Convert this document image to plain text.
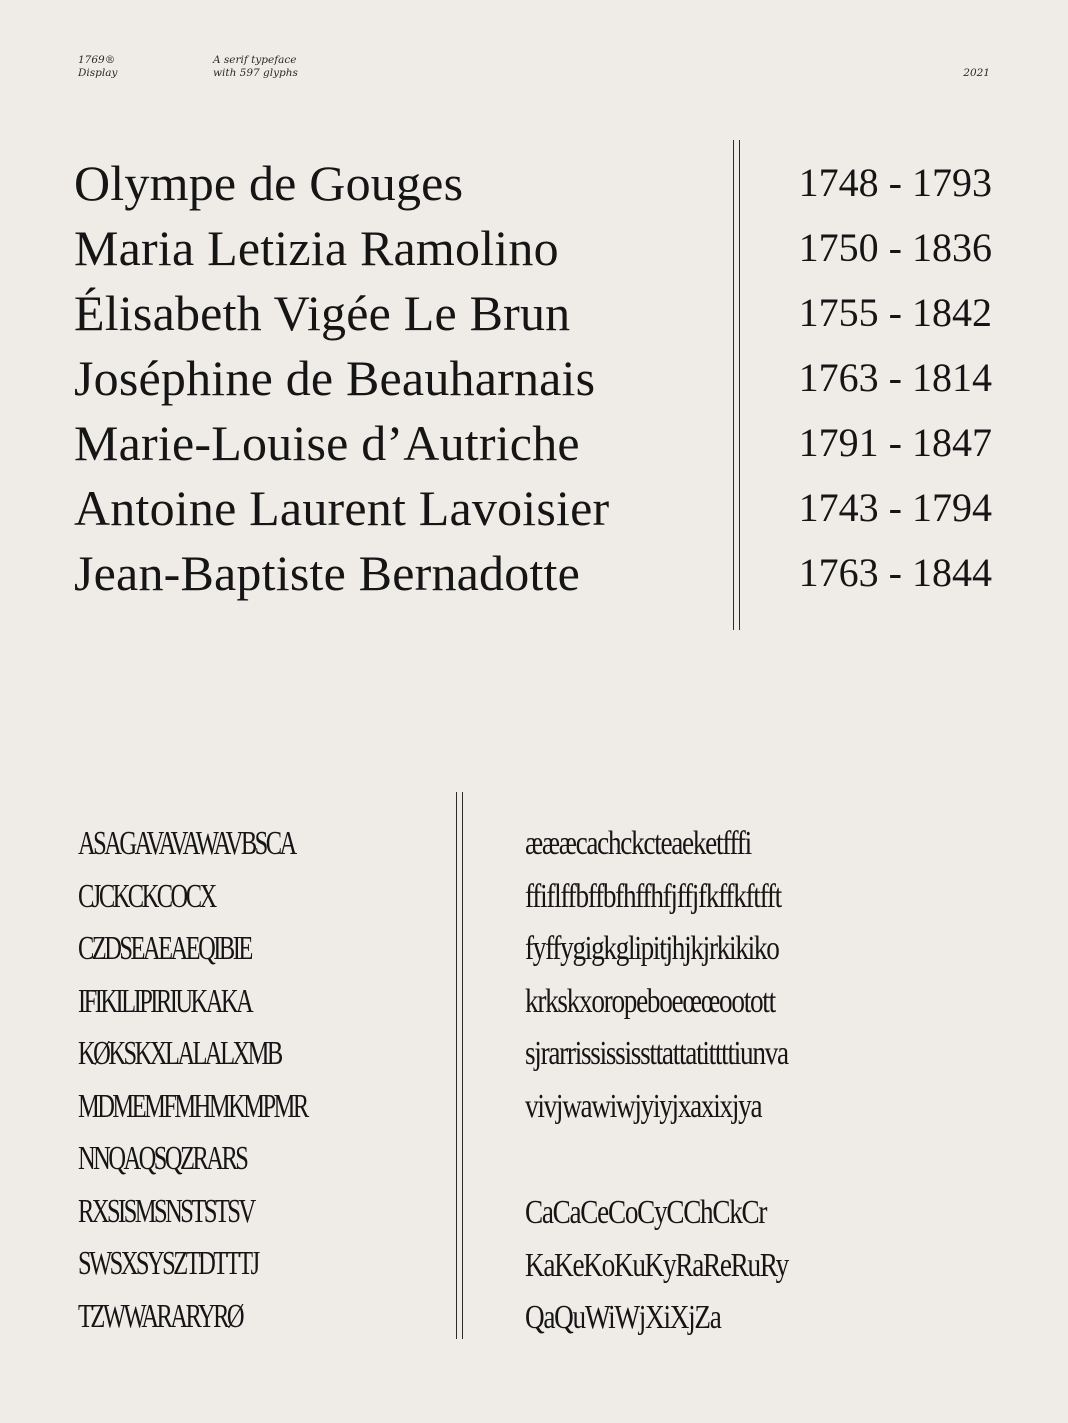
1769®
Display
A serif typeface
with 597 glyphs	2021
Olympe de Gouges
Maria Letizia Ramolino
Élisabeth Vigée Le Brun
Joséphine de Beauharnais
Marie-Louise d’Autriche
Antoine Laurent Lavoisier
Jean-Baptiste Bernadotte
1748 - 1793
1750 - 1836
1755 - 1842
1763 - 1814
1791 - 1847
1743 - 1794
1763 - 1844
ASAGAVAVAWAVBSCA
CJCKCKCOCX
CZDSEAEAEQIBIE
IFIKILIPIRIUKAKA
KØKSKXLALALXMB
MDMEMFMHMKMPMR
NNQAQSQZRARS
RXSISMSNSTSTSV
SWSXSYSZTDTTTJ
TZWWARARYRØ
æææcachckcteaeketfffi
ffiflffbffbfhffhfjffjfkffkftfft
fyffygigkglipitjhjkjrkikiko
krkskxoropeboeœœootott
sjrarrissississttattatittttiunva
vivjwawiwjyiyjxaxixjya
CaCaCeCoCyCChCkCr
KaKeKoKuKyRaReRuRy
QaQuWiWjXiXjZa
